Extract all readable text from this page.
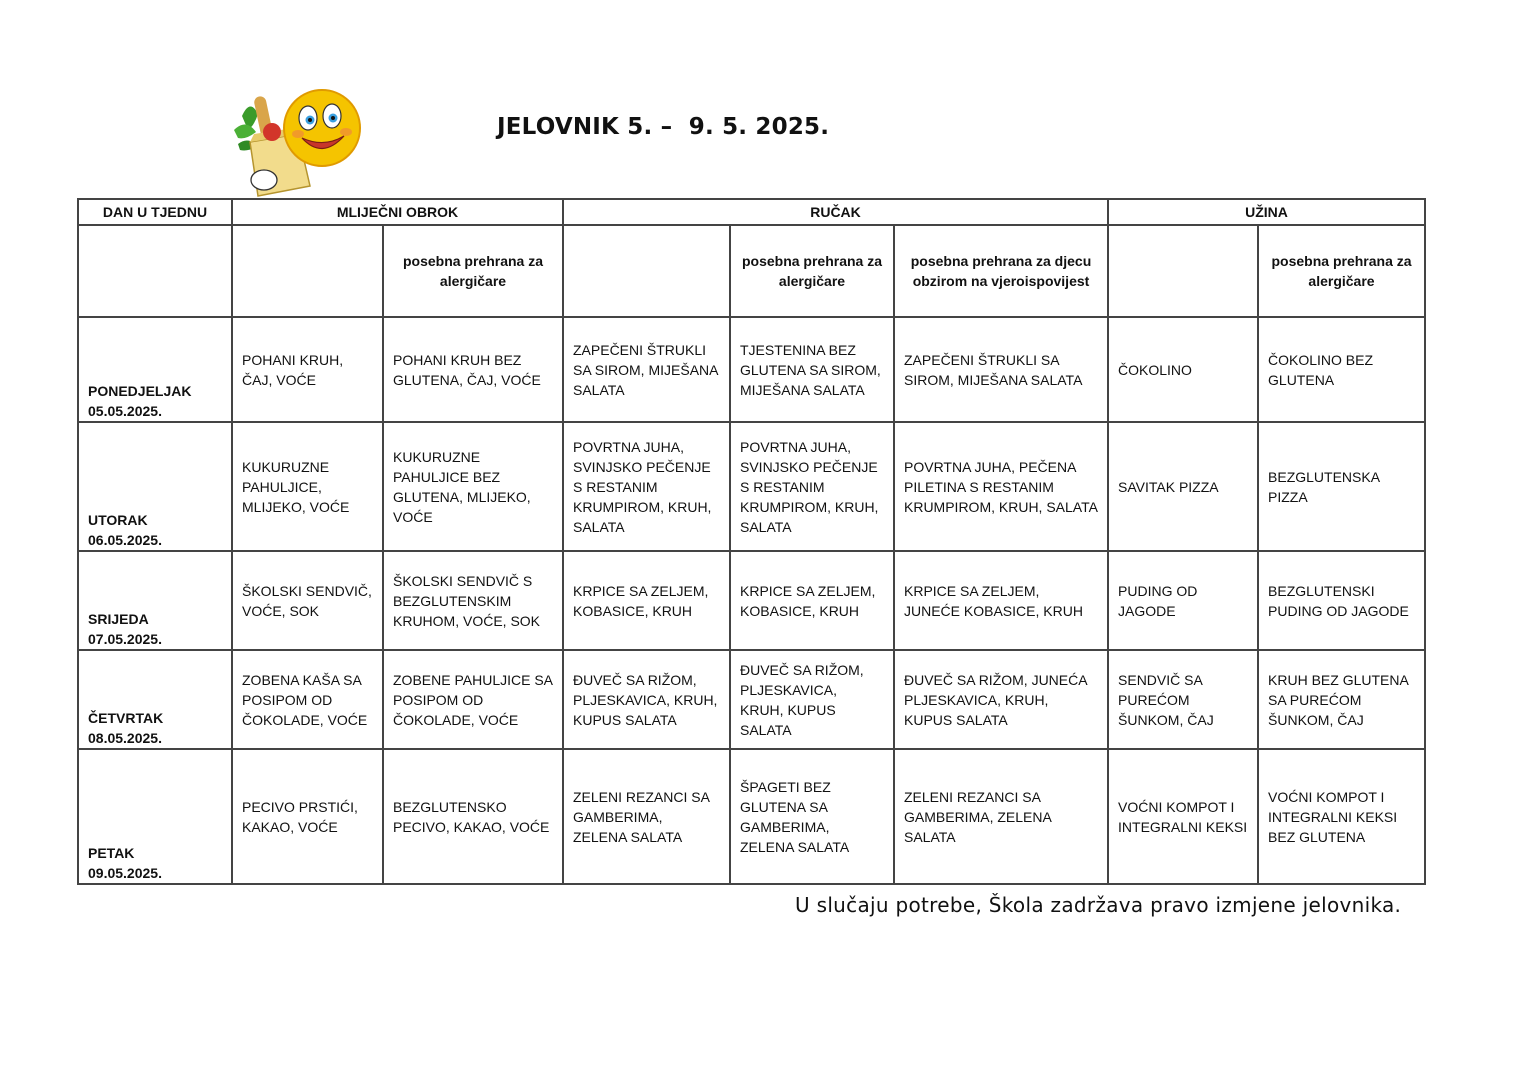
JELOVNIK 5. –  9. 5. 2025.
DAN U TJEDNU	MLIJEČNI OBROK		RUČAK			UŽINA	
		posebna prehrana za alergičare		posebna prehrana za alergičare	posebna prehrana za djecu obzirom na vjeroispovijest		posebna prehrana za alergičare

PONEDJELJAK
05.05.2025.	POHANI KRUH, ČAJ, VOĆE	POHANI KRUH BEZ GLUTENA, ČAJ, VOĆE	ZAPEČENI ŠTRUKLI SA SIROM, MIJEŠANA SALATA	TJESTENINA BEZ GLUTENA SA SIROM, MIJEŠANA SALATA	ZAPEČENI ŠTRUKLI SA SIROM, MIJEŠANA SALATA	ČOKOLINO	ČOKOLINO BEZ GLUTENA

UTORAK
06.05.2025.	KUKURUZNE PAHULJICE, MLIJEKO, VOĆE	KUKURUZNE PAHULJICE BEZ GLUTENA, MLIJEKO, VOĆE	POVRTNA JUHA, SVINJSKO PEČENJE S RESTANIM KRUMPIROM, KRUH, SALATA	POVRTNA JUHA, SVINJSKO PEČENJE S RESTANIM KRUMPIROM, KRUH, SALATA	POVRTNA JUHA, PEČENA PILETINA S RESTANIM KRUMPIROM, KRUH, SALATA	SAVITAK PIZZA	BEZGLUTENSKA PIZZA

SRIJEDA
07.05.2025.	ŠKOLSKI SENDVIČ, VOĆE, SOK	ŠKOLSKI SENDVIČ S BEZGLUTENSKIM KRUHOM, VOĆE, SOK	KRPICE SA ZELJEM, KOBASICE, KRUH	KRPICE SA ZELJEM, KOBASICE, KRUH	KRPICE SA ZELJEM, JUNEĆE KOBASICE, KRUH	PUDING OD JAGODE	BEZGLUTENSKI PUDING OD JAGODE

ČETVRTAK
08.05.2025.	ZOBENA KAŠA SA POSIPOM OD ČOKOLADE, VOĆE	ZOBENE PAHULJICE SA POSIPOM OD ČOKOLADE, VOĆE	ĐUVEČ SA RIŽOM, PLJESKAVICA, KRUH, KUPUS SALATA	ĐUVEČ SA RIŽOM, PLJESKAVICA, KRUH, KUPUS SALATA	ĐUVEČ SA RIŽOM, JUNEĆA PLJESKAVICA, KRUH, KUPUS SALATA	SENDVIČ SA PUREĆOM ŠUNKOM, ČAJ	KRUH BEZ GLUTENA SA PUREĆOM ŠUNKOM, ČAJ

PETAK
09.05.2025.	PECIVO PRSTIĆI, KAKAO, VOĆE	BEZGLUTENSKO PECIVO, KAKAO, VOĆE	ZELENI REZANCI SA GAMBERIMA, ZELENA SALATA	ŠPAGETI BEZ GLUTENA SA GAMBERIMA, ZELENA SALATA	ZELENI REZANCI SA GAMBERIMA, ZELENA SALATA	VOĆNI KOMPOT I INTEGRALNI KEKSI	VOĆNI KOMPOT I INTEGRALNI KEKSI BEZ GLUTENA
U slučaju potrebe, Škola zadržava pravo izmjene jelovnika.
